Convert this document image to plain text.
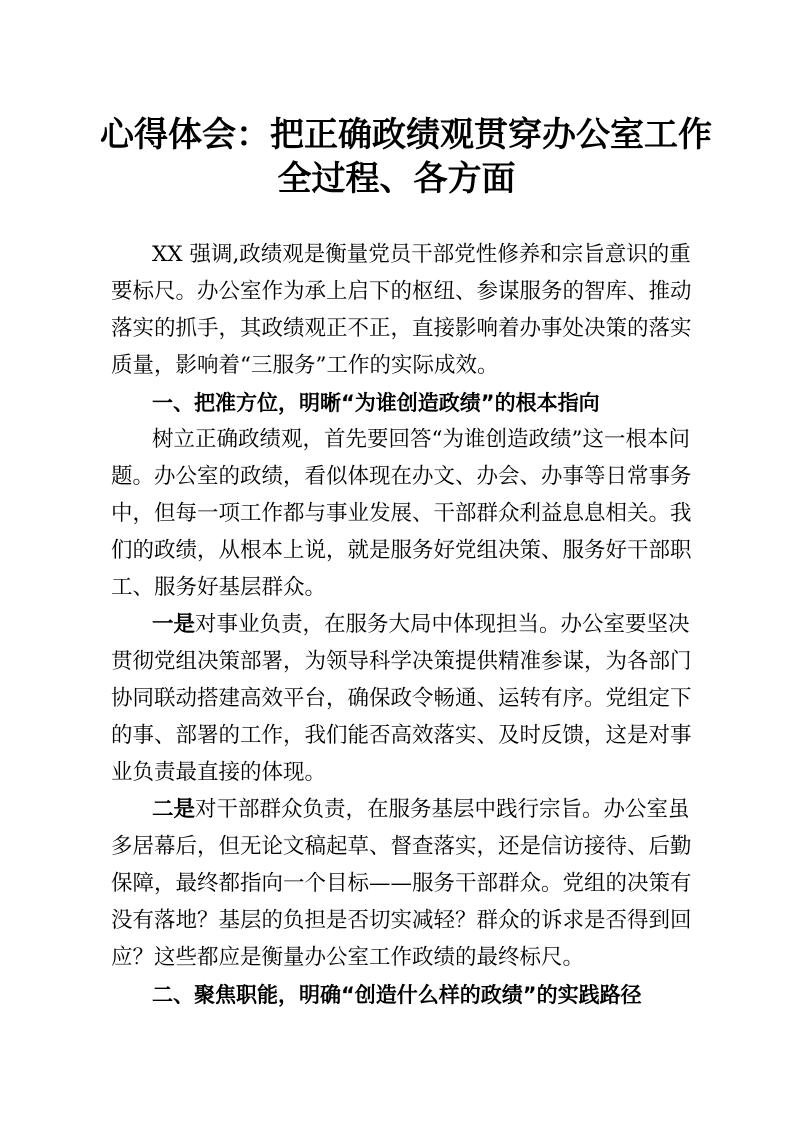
心得体会：把正确政绩观贯穿办公室工作
全过程、各方面
XX 强调,政绩观是衡量党员干部党性修养和宗旨意识的重
要标尺。办公室作为承上启下的枢纽、参谋服务的智库、推动
落实的抓手，其政绩观正不正，直接影响着办事处决策的落实
质量，影响着“三服务”工作的实际成效。
一、把准方位，明晰“为谁创造政绩”的根本指向
树立正确政绩观，首先要回答“为谁创造政绩”这一根本问
题。办公室的政绩，看似体现在办文、办会、办事等日常事务
中，但每一项工作都与事业发展、干部群众利益息息相关。我
们的政绩，从根本上说，就是服务好党组决策、服务好干部职
工、服务好基层群众。
一是对事业负责，在服务大局中体现担当。办公室要坚决
贯彻党组决策部署，为领导科学决策提供精准参谋，为各部门
协同联动搭建高效平台，确保政令畅通、运转有序。党组定下
的事、部署的工作，我们能否高效落实、及时反馈，这是对事
业负责最直接的体现。
二是对干部群众负责，在服务基层中践行宗旨。办公室虽
多居幕后，但无论文稿起草、督查落实，还是信访接待、后勤
保障，最终都指向一个目标——服务干部群众。党组的决策有
没有落地？基层的负担是否切实减轻？群众的诉求是否得到回
应？这些都应是衡量办公室工作政绩的最终标尺。
二、聚焦职能，明确“创造什么样的政绩”的实践路径
